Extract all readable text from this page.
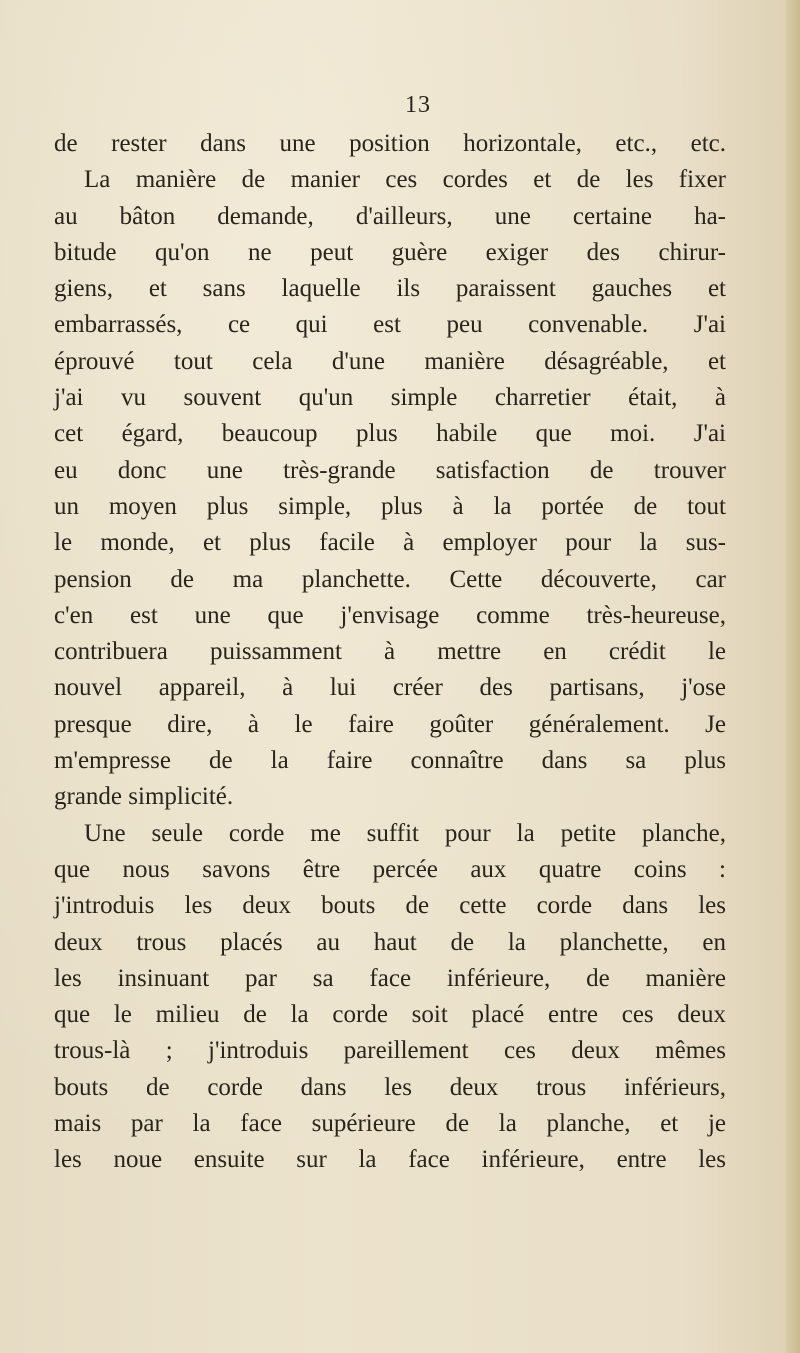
13
de rester dans une position horizontale, etc., etc.
La manière de manier ces cordes et de les fixer
au bâton demande, d'ailleurs, une certaine ha-
bitude qu'on ne peut guère exiger des chirur-
giens, et sans laquelle ils paraissent gauches et
embarrassés, ce qui est peu convenable. J'ai
éprouvé tout cela d'une manière désagréable, et
j'ai vu souvent qu'un simple charretier était, à
cet égard, beaucoup plus habile que moi. J'ai
eu donc une très-grande satisfaction de trouver
un moyen plus simple, plus à la portée de tout
le monde, et plus facile à employer pour la sus-
pension de ma planchette. Cette découverte, car
c'en est une que j'envisage comme très-heureuse,
contribuera puissamment à mettre en crédit le
nouvel appareil, à lui créer des partisans, j'ose
presque dire, à le faire goûter généralement. Je
m'empresse de la faire connaître dans sa plus
grande simplicité.
Une seule corde me suffit pour la petite planche,
que nous savons être percée aux quatre coins :
j'introduis les deux bouts de cette corde dans les
deux trous placés au haut de la planchette, en
les insinuant par sa face inférieure, de manière
que le milieu de la corde soit placé entre ces deux
trous-là ; j'introduis pareillement ces deux mêmes
bouts de corde dans les deux trous inférieurs,
mais par la face supérieure de la planche, et je
les noue ensuite sur la face inférieure, entre les
